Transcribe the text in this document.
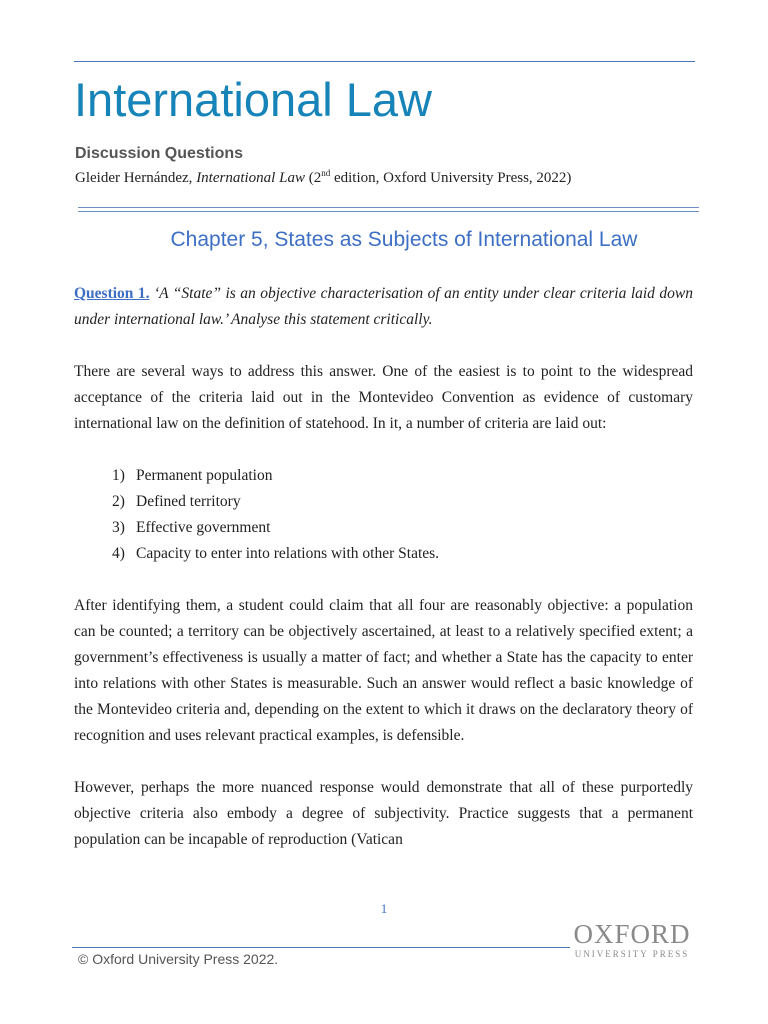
International Law
Discussion Questions
Gleider Hernández, International Law (2nd edition, Oxford University Press, 2022)
Chapter 5, States as Subjects of International Law

Question 1. ‘A “State” is an objective characterisation of an entity under clear criteria laid down under international law.’ Analyse this statement critically.

There are several ways to address this answer. One of the easiest is to point to the widespread acceptance of the criteria laid out in the Montevideo Convention as evidence of customary international law on the definition of statehood. In it, a number of criteria are laid out:

1) Permanent population
2) Defined territory
3) Effective government
4) Capacity to enter into relations with other States.

After identifying them, a student could claim that all four are reasonably objective: a population can be counted; a territory can be objectively ascertained, at least to a relatively specified extent; a government’s effectiveness is usually a matter of fact; and whether a State has the capacity to enter into relations with other States is measurable. Such an answer would reflect a basic knowledge of the Montevideo criteria and, depending on the extent to which it draws on the declaratory theory of recognition and uses relevant practical examples, is defensible.

However, perhaps the more nuanced response would demonstrate that all of these purportedly objective criteria also embody a degree of subjectivity. Practice suggests that a permanent population can be incapable of reproduction (Vatican

1
© Oxford University Press 2022.
OXFORD
UNIVERSITY PRESS
